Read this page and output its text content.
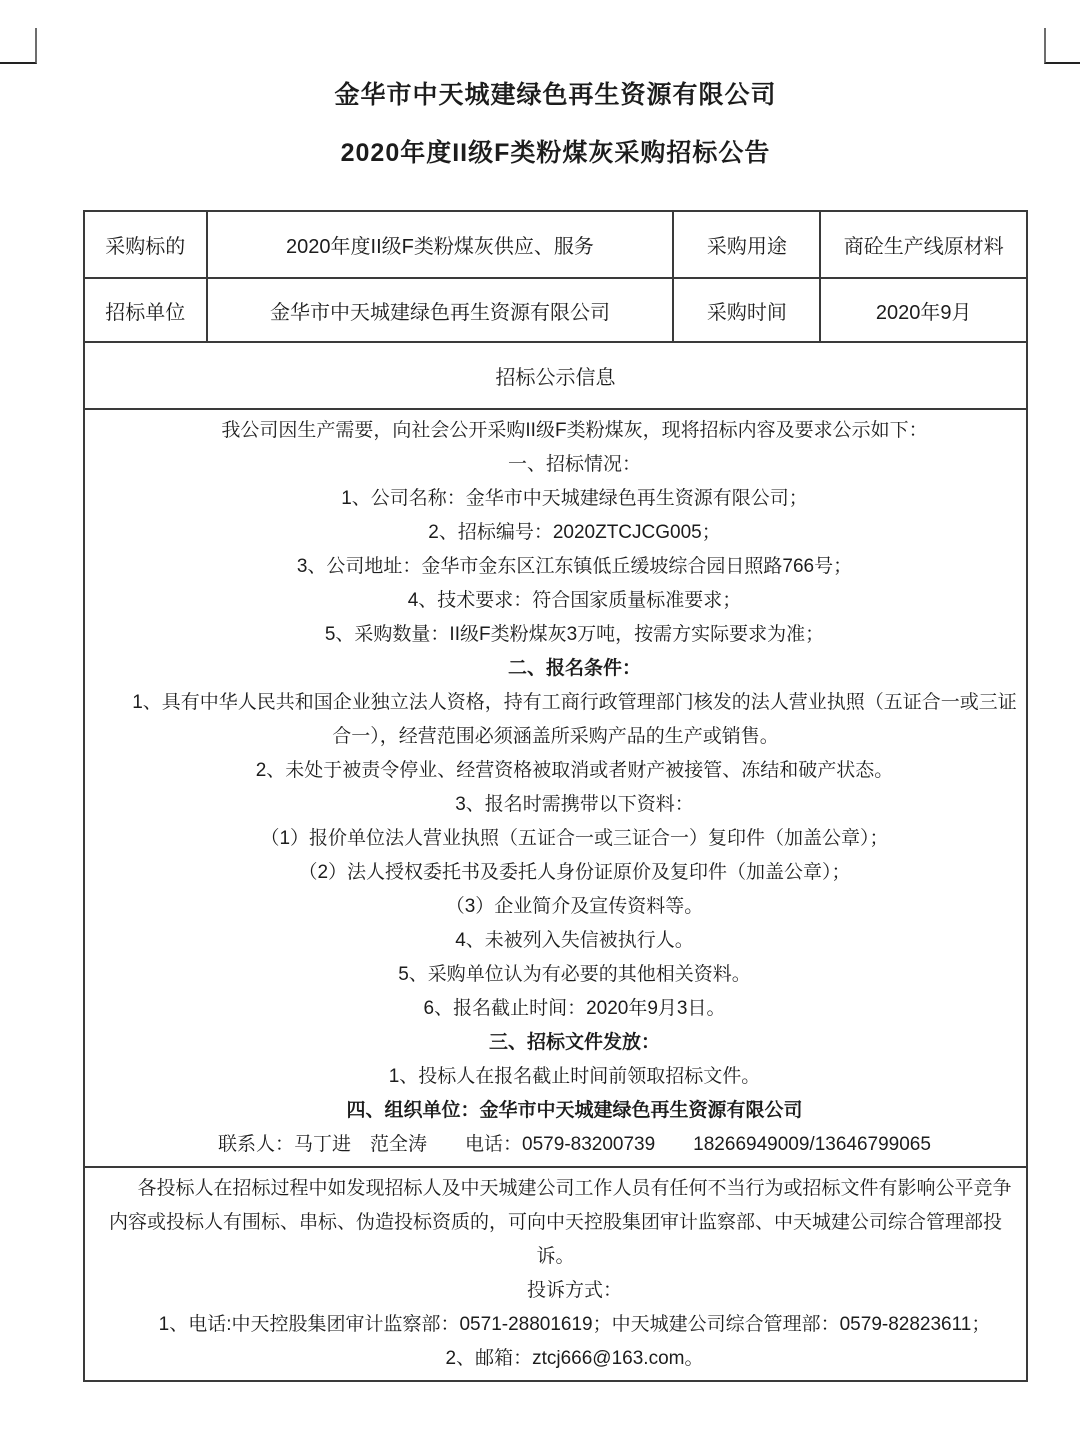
金华市中天城建绿色再生资源有限公司
2020年度II级F类粉煤灰采购招标公告
采购标的	2020年度II级F类粉煤灰供应、服务	采购用途	商砼生产线原材料
招标单位	金华市中天城建绿色再生资源有限公司	采购时间	2020年9月
招标公示信息			

我公司因生产需要，向社会公开采购II级F类粉煤灰，现将招标内容及要求公示如下：

一、招标情况：

1、公司名称：金华市中天城建绿色再生资源有限公司；

2、招标编号：2020ZTCJCG005；

3、公司地址：金华市金东区江东镇低丘缓坡综合园日照路766号；

4、技术要求：符合国家质量标准要求；

5、采购数量：II级F类粉煤灰3万吨，按需方实际要求为准；

二、报名条件：

1、具有中华人民共和国企业独立法人资格，持有工商行政管理部门核发的法人营业执照（五证合一或三证合一），经营范围必须涵盖所采购产品的生产或销售。

2、未处于被责令停业、经营资格被取消或者财产被接管、冻结和破产状态。

3、报名时需携带以下资料：

（1）报价单位法人营业执照（五证合一或三证合一）复印件（加盖公章）；

（2）法人授权委托书及委托人身份证原价及复印件（加盖公章）；

（3）企业简介及宣传资料等。

4、未被列入失信被执行人。

5、采购单位认为有必要的其他相关资料。

6、报名截止时间：2020年9月3日。

三、招标文件发放：

1、投标人在报名截止时间前领取招标文件。

四、组织单位：金华市中天城建绿色再生资源有限公司

联系人：马丁进　范全涛　　电话：0579-83200739　　18266949009/13646799065

各投标人在招标过程中如发现招标人及中天城建公司工作人员有任何不当行为或招标文件有影响公平竞争内容或投标人有围标、串标、伪造投标资质的，可向中天控股集团审计监察部、中天城建公司综合管理部投诉。

投诉方式：

1、电话:中天控股集团审计监察部：0571-28801619；中天城建公司综合管理部：0579-82823611；

2、邮箱：ztcj666@163.com。			
